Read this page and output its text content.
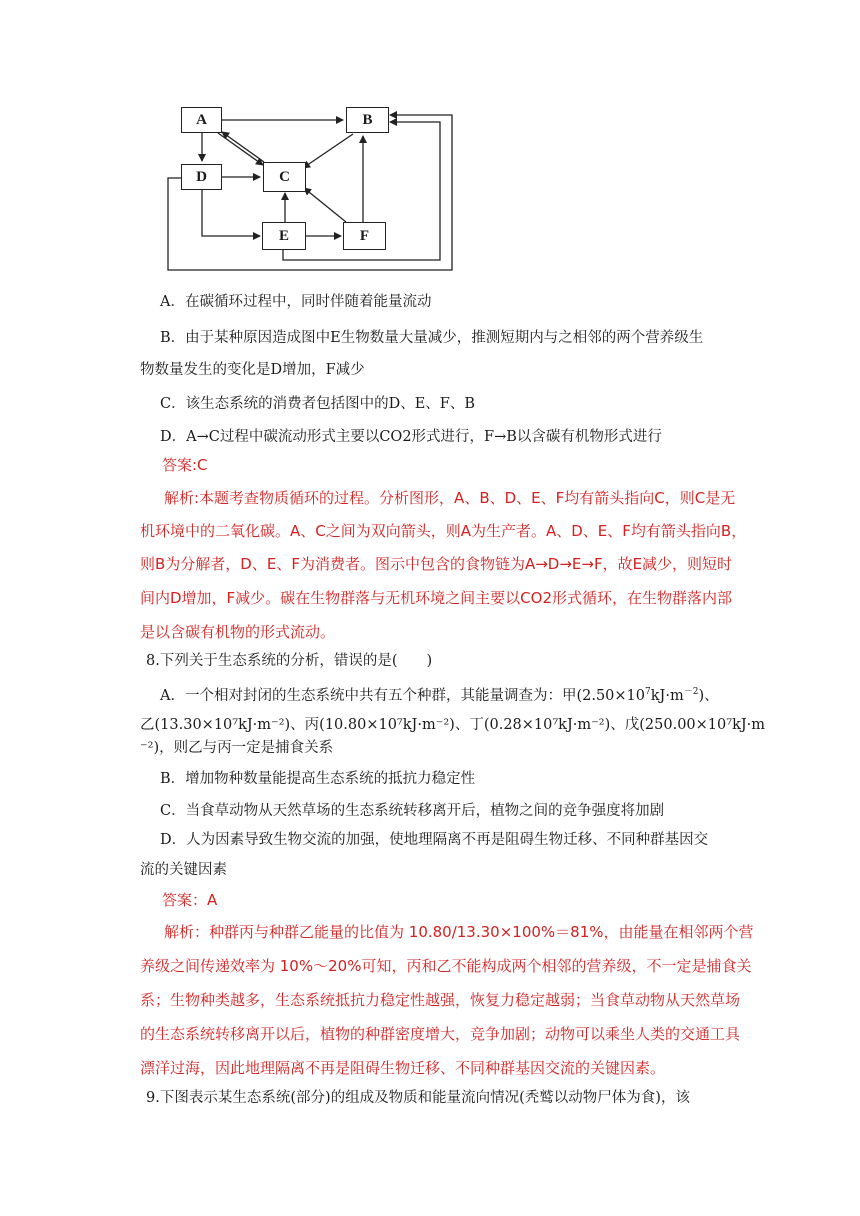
A	B
C
D
E	F
A．在碳循环过程中，同时伴随着能量流动
B．由于某种原因造成图中E生物数量大量减少，推测短期内与之相邻的两个营养级生
物数量发生的变化是D增加，F减少
C．该生态系统的消费者包括图中的D、E、F、B
D．A→C过程中碳流动形式主要以CO2形式进行，F→B以含碳有机物形式进行
答案:C
解析:本题考查物质循环的过程。分析图形，A、B、D、E、F均有箭头指向C，则C是无
机环境中的二氧化碳。A、C之间为双向箭头，则A为生产者。A、D、E、F均有箭头指向B，
则B为分解者，D、E、F为消费者。图示中包含的食物链为A→D→E→F，故E减少，则短时
间内D增加，F减少。碳在生物群落与无机环境之间主要以CO2形式循环，在生物群落内部
是以含碳有机物的形式流动。
8.下列关于生态系统的分析，错误的是(　　)
A．一个相对封闭的生态系统中共有五个种群，其能量调查为：甲$(2.50\times 10^7kJ\cdot m^{-2})$、
乙(13.30×10⁷kJ·m⁻²)、丙(10.80×10⁷kJ·m⁻²)、丁(0.28×10⁷kJ·m⁻²)、戊(250.00×10⁷kJ·m
⁻²)，则乙与丙一定是捕食关系
B．增加物种数量能提高生态系统的抵抗力稳定性
C．当食草动物从天然草场的生态系统转移离开后，植物之间的竞争强度将加剧
D．人为因素导致生物交流的加强，使地理隔离不再是阻碍生物迁移、不同种群基因交
流的关键因素
答案：A
解析：种群丙与种群乙能量的比值为 10.80/13.30×100%＝81%，由能量在相邻两个营
养级之间传递效率为 10%～20%可知，丙和乙不能构成两个相邻的营养级，不一定是捕食关
系；生物种类越多，生态系统抵抗力稳定性越强，恢复力稳定越弱；当食草动物从天然草场
的生态系统转移离开以后，植物的种群密度增大，竞争加剧；动物可以乘坐人类的交通工具
漂洋过海，因此地理隔离不再是阻碍生物迁移、不同种群基因交流的关键因素。
9.下图表示某生态系统(部分)的组成及物质和能量流向情况(秃鹫以动物尸体为食)，该
